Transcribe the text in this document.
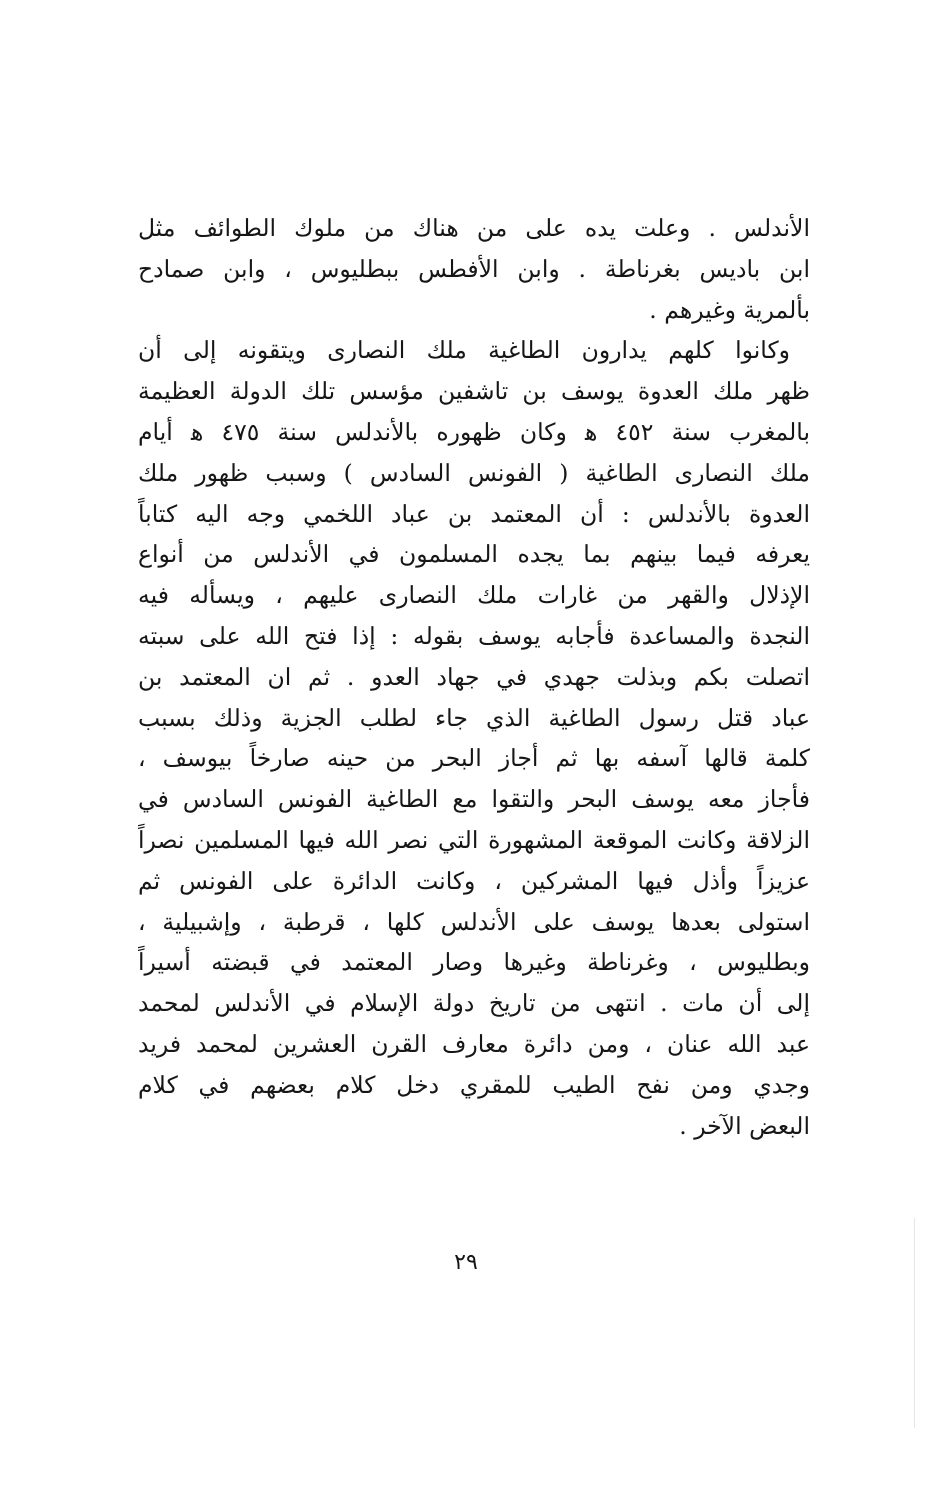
الأندلس . وعلت يده على من هناك من ملوك الطوائف مثل
ابن باديس بغرناطة . وابن الأفطس ببطليوس ، وابن صمادح
بألمرية وغيرهم .
وكانوا كلهم يدارون الطاغية ملك النصارى ويتقونه إلى أن
ظهر ملك العدوة يوسف بن تاشفين مؤسس تلك الدولة العظيمة
بالمغرب سنة ٤٥٢ ﻫ وكان ظهوره بالأندلس سنة ٤٧٥ ﻫ أيام
ملك النصارى الطاغية ( الفونس السادس ) وسبب ظهور ملك
العدوة بالأندلس : أن المعتمد بن عباد اللخمي وجه اليه كتاباً
يعرفه فيما بينهم بما يجده المسلمون في الأندلس من أنواع
الإذلال والقهر من غارات ملك النصارى عليهم ، ويسأله فيه
النجدة والمساعدة فأجابه يوسف بقوله : إذا فتح الله على سبته
اتصلت بكم وبذلت جهدي في جهاد العدو . ثم ان المعتمد بن
عباد قتل رسول الطاغية الذي جاء لطلب الجزية وذلك بسبب
كلمة قالها آسفه بها ثم أجاز البحر من حينه صارخاً بيوسف ،
فأجاز معه يوسف البحر والتقوا مع الطاغية الفونس السادس في
الزلاقة وكانت الموقعة المشهورة التي نصر الله فيها المسلمين نصراً
عزيزاً وأذل فيها المشركين ، وكانت الدائرة على الفونس ثم
استولى بعدها يوسف على الأندلس كلها ، قرطبة ، وإشبيلية ،
وبطليوس ، وغرناطة وغيرها وصار المعتمد في قبضته أسيراً
إلى أن مات . انتهى من تاريخ دولة الإسلام في الأندلس لمحمد
عبد الله عنان ، ومن دائرة معارف القرن العشرين لمحمد فريد
وجدي ومن نفح الطيب للمقري دخل كلام بعضهم في كلام
البعض الآخر .
٢٩
